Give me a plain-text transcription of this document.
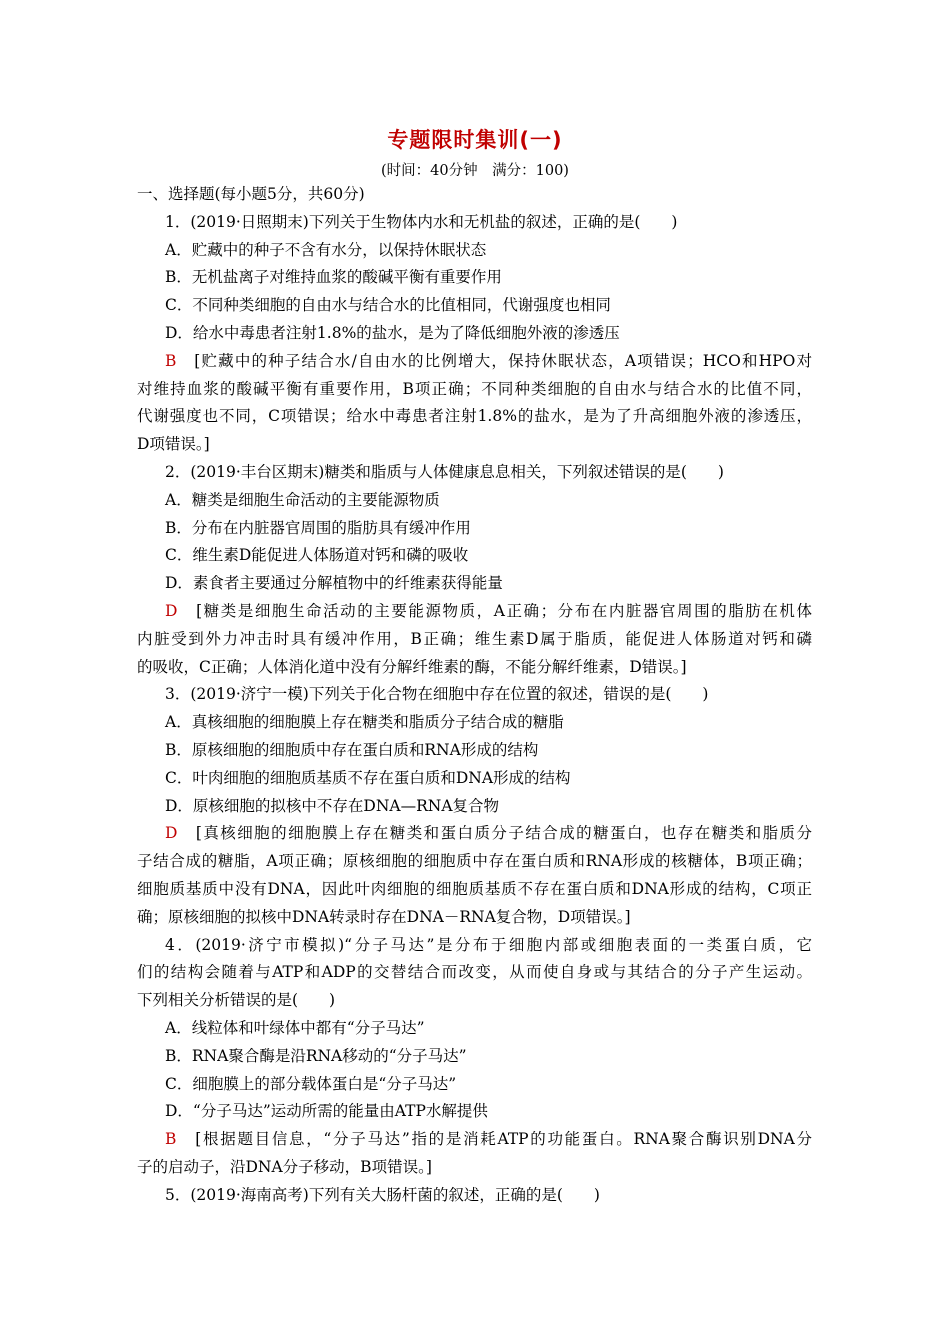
专题限时集训(一)
(时间：40分钟　满分：100)
一、选择题(每小题5分，共60分)
1．(2019·日照期末)下列关于生物体内水和无机盐的叙述，正确的是(　　)
A．贮藏中的种子不含有水分，以保持休眠状态
B．无机盐离子对维持血浆的酸碱平衡有重要作用
C．不同种类细胞的自由水与结合水的比值相同，代谢强度也相同
D．给水中毒患者注射1.8%的盐水，是为了降低细胞外液的渗透压
B　 [贮藏中的种子结合水/自由水的比例增大，保持休眠状态，A项错误；HCO和HPO对
对维持血浆的酸碱平衡有重要作用，B项正确；不同种类细胞的自由水与结合水的比值不同，
代谢强度也不同，C项错误；给水中毒患者注射1.8%的盐水，是为了升高细胞外液的渗透压，
D项错误。]
2．(2019·丰台区期末)糖类和脂质与人体健康息息相关，下列叙述错误的是(　　)
A．糖类是细胞生命活动的主要能源物质
B．分布在内脏器官周围的脂肪具有缓冲作用
C．维生素D能促进人体肠道对钙和磷的吸收
D．素食者主要通过分解植物中的纤维素获得能量
D　 [糖类是细胞生命活动的主要能源物质，A正确；分布在内脏器官周围的脂肪在机体
内脏受到外力冲击时具有缓冲作用，B正确；维生素D属于脂质，能促进人体肠道对钙和磷
的吸收，C正确；人体消化道中没有分解纤维素的酶，不能分解纤维素，D错误。]
3．(2019·济宁一模)下列关于化合物在细胞中存在位置的叙述，错误的是(　　)
A．真核细胞的细胞膜上存在糖类和脂质分子结合成的糖脂
B．原核细胞的细胞质中存在蛋白质和RNA形成的结构
C．叶肉细胞的细胞质基质不存在蛋白质和DNA形成的结构
D．原核细胞的拟核中不存在DNA—RNA复合物
D　 [真核细胞的细胞膜上存在糖类和蛋白质分子结合成的糖蛋白，也存在糖类和脂质分
子结合成的糖脂，A项正确；原核细胞的细胞质中存在蛋白质和RNA形成的核糖体，B项正确；
细胞质基质中没有DNA，因此叶肉细胞的细胞质基质不存在蛋白质和DNA形成的结构，C项正
确；原核细胞的拟核中DNA转录时存在DNA－RNA复合物，D项错误。]
4．(2019·济宁市模拟)“分子马达”是分布于细胞内部或细胞表面的一类蛋白质，它
们的结构会随着与ATP和ADP的交替结合而改变，从而使自身或与其结合的分子产生运动。
下列相关分析错误的是(　　)
A．线粒体和叶绿体中都有“分子马达”
B．RNA聚合酶是沿RNA移动的“分子马达”
C．细胞膜上的部分载体蛋白是“分子马达”
D．“分子马达”运动所需的能量由ATP水解提供
B　 [根据题目信息，“分子马达”指的是消耗ATP的功能蛋白。RNA聚合酶识别DNA分
子的启动子，沿DNA分子移动，B项错误。]
5．(2019·海南高考)下列有关大肠杆菌的叙述，正确的是(　　)
